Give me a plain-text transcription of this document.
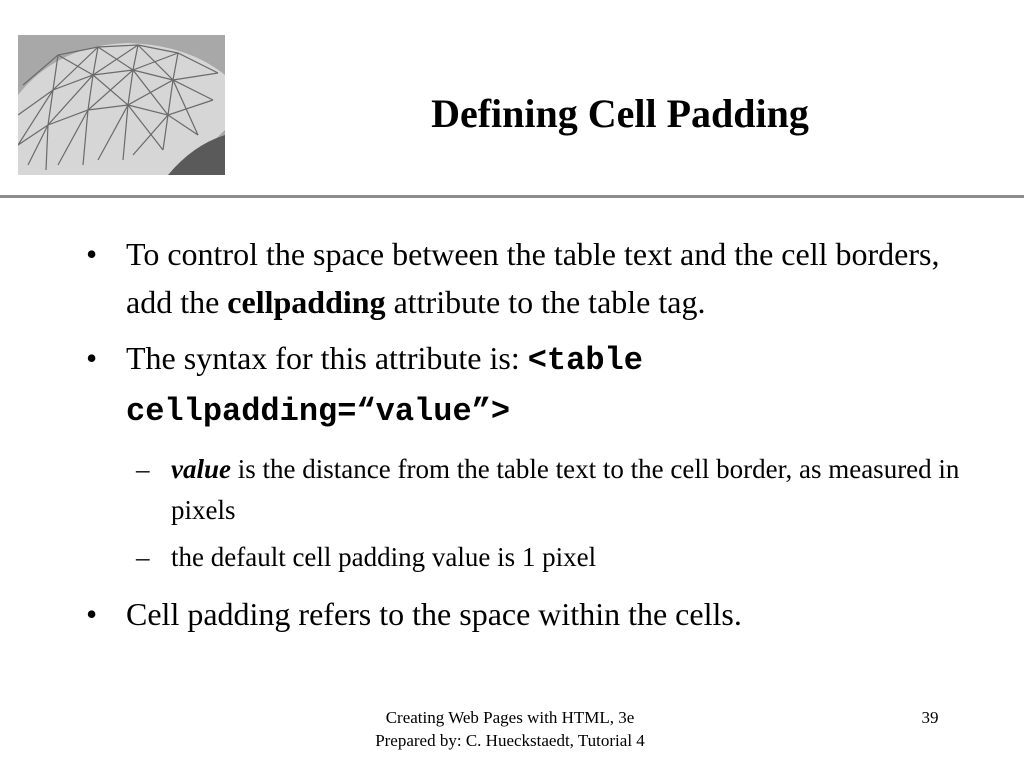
Defining Cell Padding

• To control the space between the table text and the cell borders, add the cellpadding attribute to the table tag.

• The syntax for this attribute is: <table cellpadding=“value”>

– value is the distance from the table text to the cell border, as measured in pixels

– the default cell padding value is 1 pixel

• Cell padding refers to the space within the cells.

Creating Web Pages with HTML, 3e
Prepared by: C. Hueckstaedt, Tutorial 4
39
